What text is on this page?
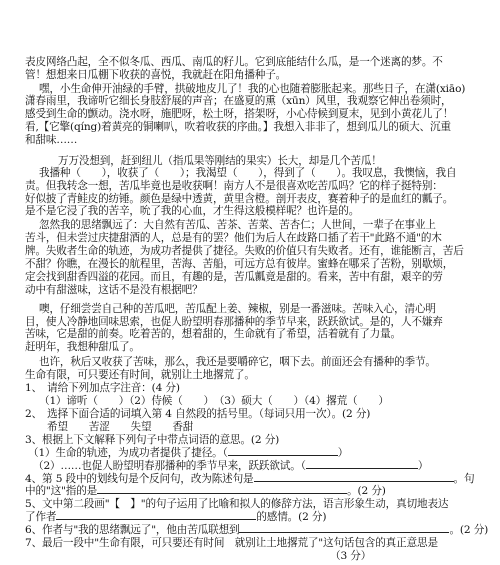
表皮网络凸起，全不似冬瓜、西瓜、南瓜的籽儿。它到底能结什么瓜，是一个迷离的梦。不
管！想想来日瓜棚下收获的喜悦，我就赶在阳角播种子。
嘿，小生命伸开油绿的手臂，拱破地皮儿了！我的心也随着膨胀起来。那些日子，在潇(xiāo)
潇春雨里，我谛听它细长身肢舒展的声音；在盛夏的熏（xūn）风里，我观察它伸出卷须时，
感受到生命的颤动。浇水呀，施肥呀，松土呀，搭架呀，小心侍候到夏末，见到小黄花儿了！
看,【它擎(qíng)着黄亮的铜喇叭，吹着收获的序曲。】我想入非非了，想到瓜儿的硕大、沉重
和甜味……
万万没想到，赶到纽儿（指瓜果等刚结的果实）长大，却是几个苦瓜！
我播种（　　），收获了（　　）；我渴望（　　），得到了（　　）。我叹息，我懊恼，我自
责。但我转念一想，苦瓜毕竟也是收获啊！南方人不是很喜欢吃苦瓜吗？它的样子挺特别：
好似披了青鲑皮的纺锤。颜色是绿中透黄，黄里含橙。剖开表皮，赛着种子的是血红的瓤子。
是不是它浸了我的苦辛，吮了我的心血，才生得这般模样呢？也许是的。
忽然我的思绪飘远了：大自然有苦瓜、苦茶、苦菜、苦杏仁；人世间，一辈子在事业上
苦斗，但未尝过庆捷甜酒的人，总是有的罢？他们为后人在歧路口插了若干"此路不通"的木
牌。失败者生命的轨迹，为成功者提供了捷径。失败的价值只有失败者。还有，谁能断言，苦后
不甜？你瞧，在漫长的航程里，苦海、苦船，可远方总有彼岸。蜜蜂在哪采了苦粉，别歇烦，
定会找到甜香四溢的花园。而且，有趣的是，苦瓜瓤竟是甜的。看来，苦中有甜，艰辛的劳
动中有甜滋味，这话不是没有根据吧？
噢，仔细尝尝自己种的苦瓜吧，苦瓜配上姜、辣椒，别是一番滋味。苦味入心，清心明
目，使人冷静地回味思索，也促人盼望明春那播种的季节早来，跃跃欲试。是的，人不嫌弃
苦味，它是甜的前奏。吃着苦的，想着甜的，生命就有了希望，活着就有了力量。
赶明年，我想种甜瓜了。
也许，秋后又收获了苦味，那么，我还是要嚼碎它，咽下去。前面还会有播种的季节。
生命有限，可只要还有时间，就别让土地撂荒了。
1、　请给下列加点字注音：(4 分)
（1）谛听（　　）（2）侍候（　　）　（3）硕大（　　）（4）撂荒（　　）
2、　选择下面合适的词填入第 4 自然段的括号里。（每词只用一次）。(2 分)
希望　　苦涩　　失望　　香甜
3、根据上下文解释下列句子中带点词语的意思。(2 分)
（1）生命的轨迹，为成功者提供了捷径。（	）
（2）……也促人盼望明春那播种的季节早来，跃跃欲试。（	）
4、第 5 段中的划线句是个反问句，改为陈述句是	。句
中的"这"指的是	。(2 分)
5、文中第二段画"【　】"的句子运用了比喻和拟人的修辞方法，语言形象生动，真切地表达
了作者	的感情。(2 分)
6、作者与"我的思绪飘远了"，他由苦瓜联想到	。(2 分)
7、最后一段中"生命有限，可只要还有时间　就别让土地撂荒了"这句话包含的真正意思是
（3 分）
